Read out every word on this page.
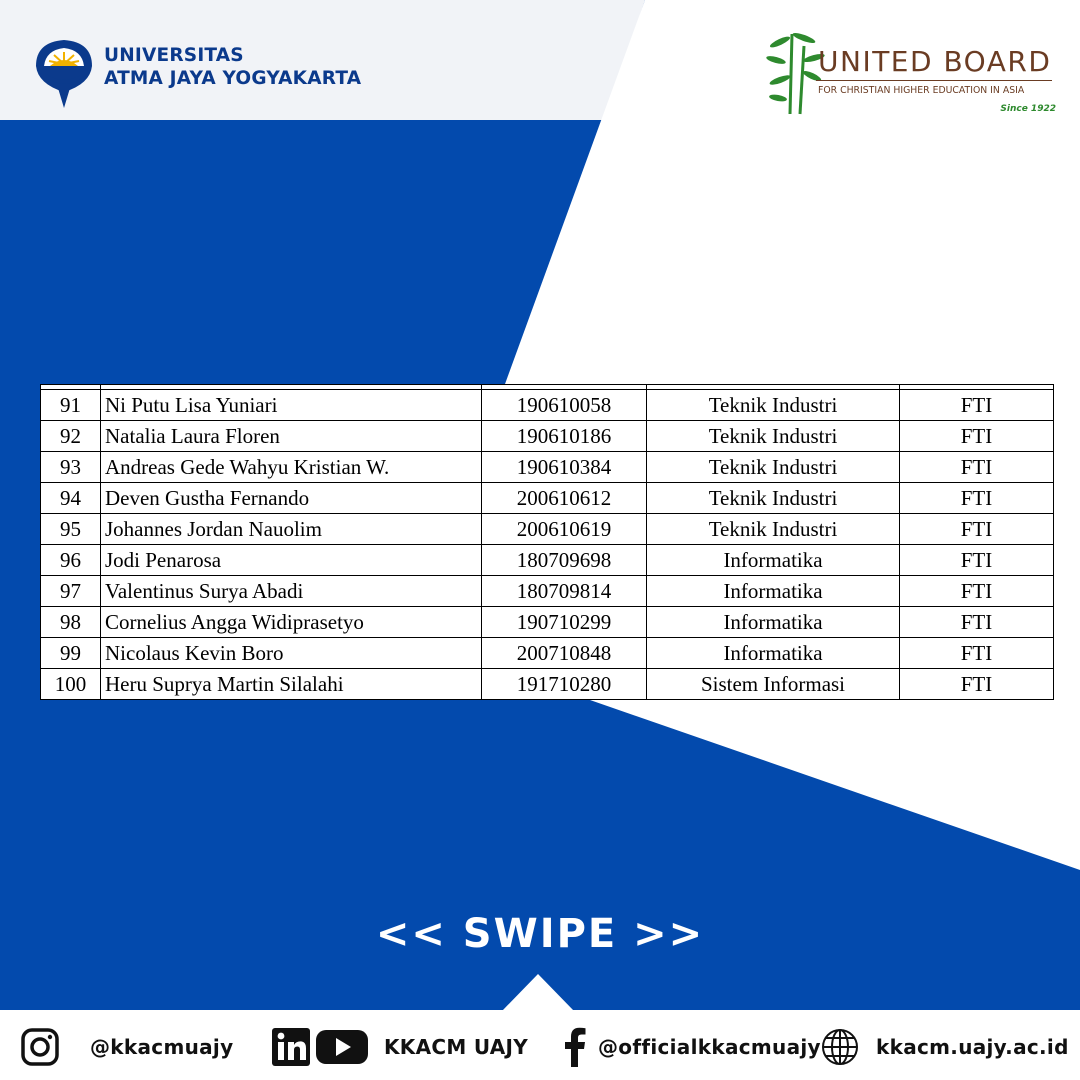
UNIVERSITAS
ATMA JAYA YOGYAKARTA
UNITED BOARD
FOR CHRISTIAN HIGHER EDUCATION IN ASIA
Since 1922

91	Ni Putu Lisa Yuniari	190610058	Teknik Industri	FTI
92	Natalia Laura Floren	190610186	Teknik Industri	FTI
93	Andreas Gede Wahyu Kristian W.	190610384	Teknik Industri	FTI
94	Deven Gustha Fernando	200610612	Teknik Industri	FTI
95	Johannes Jordan Nauolim	200610619	Teknik Industri	FTI
96	Jodi Penarosa	180709698	Informatika	FTI
97	Valentinus Surya Abadi	180709814	Informatika	FTI
98	Cornelius Angga Widiprasetyo	190710299	Informatika	FTI
99	Nicolaus Kevin Boro	200710848	Informatika	FTI
100	Heru Suprya Martin Silalahi	191710280	Sistem Informasi	FTI
<< SWIPE >>
@kkacmuajy	KKACM UAJY	@officialkkacmuajy	kkacm.uajy.ac.id
